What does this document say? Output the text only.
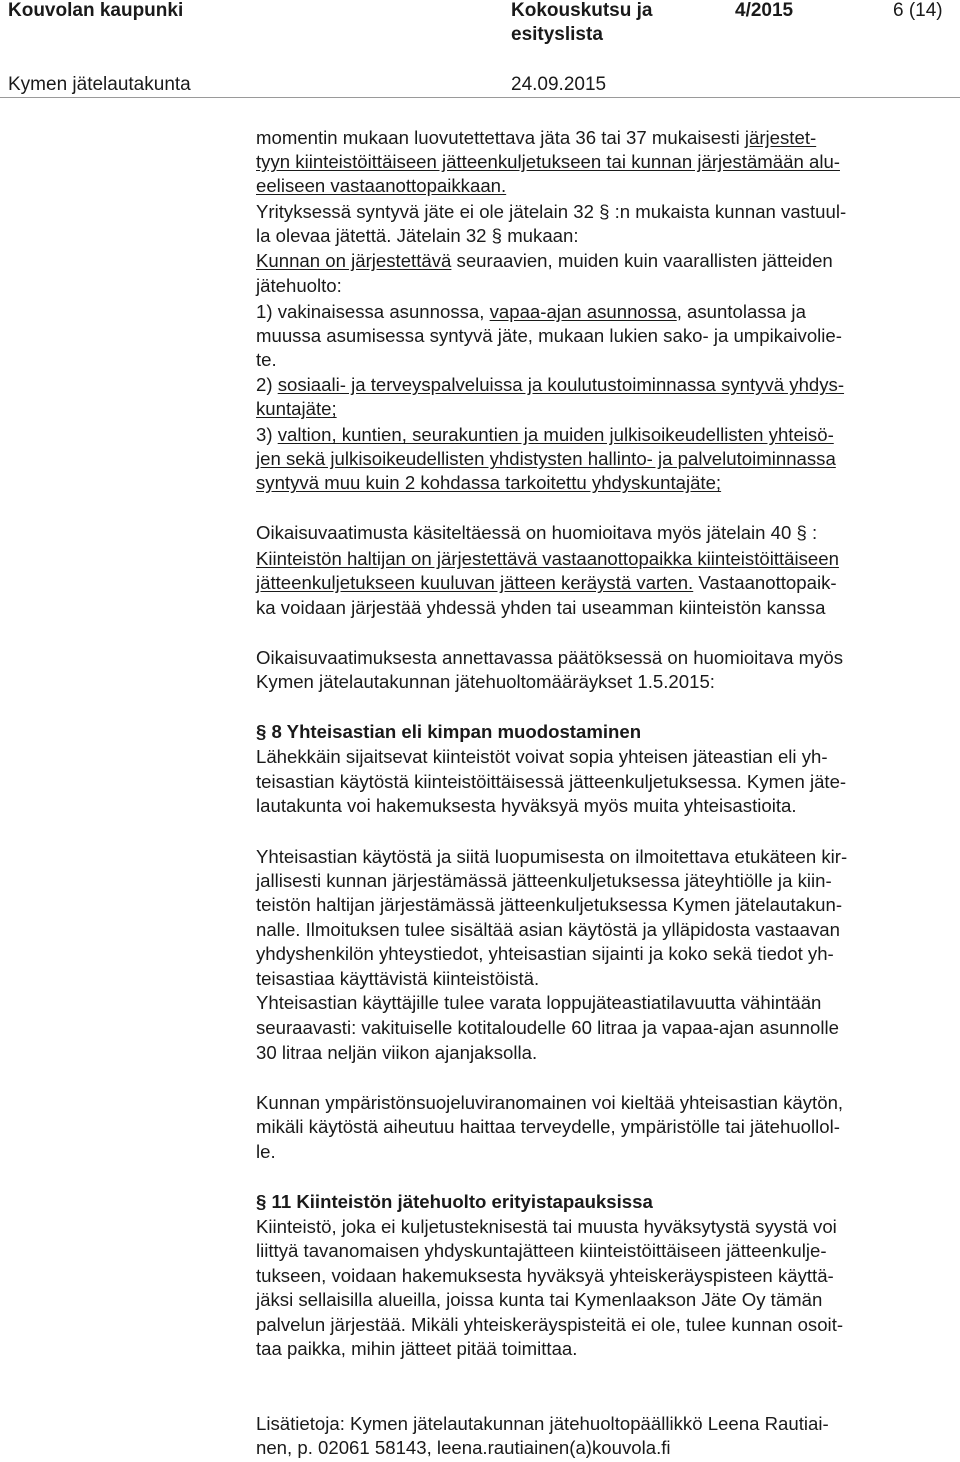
Kouvolan kaupunki	Kokouskutsu ja
esityslista
4/2015	6 (14)
Kymen jätelautakunta	24.09.2015
momentin mukaan luovutettettava jäta 36 tai 37 mukaisesti järjestet-
tyyn kiinteistöittäiseen jätteenkuljetukseen tai kunnan järjestämään alu-
eeliseen vastaanottopaikkaan.
Yrityksessä syntyvä jäte ei ole jätelain 32 § :n mukaista kunnan vastuul-
la olevaa jätettä. Jätelain 32 § mukaan:
Kunnan on järjestettävä seuraavien, muiden kuin vaarallisten jätteiden
jätehuolto:
1) vakinaisessa asunnossa, vapaa-ajan asunnossa, asuntolassa ja
muussa asumisessa syntyvä jäte, mukaan lukien sako- ja umpikaivolie-
te.
2) sosiaali- ja terveyspalveluissa ja koulutustoiminnassa syntyvä yhdys-
kuntajäte;
3) valtion, kuntien, seurakuntien ja muiden julkisoikeudellisten yhteisö-
jen sekä julkisoikeudellisten yhdistysten hallinto- ja palvelutoiminnassa
syntyvä muu kuin 2 kohdassa tarkoitettu yhdyskuntajäte;
Oikaisuvaatimusta käsiteltäessä on huomioitava myös jätelain 40 § :
Kiinteistön haltijan on järjestettävä vastaanottopaikka kiinteistöittäiseen
jätteenkuljetukseen kuuluvan jätteen keräystä varten. Vastaanottopaik-
ka voidaan järjestää yhdessä yhden tai useamman kiinteistön kanssa
Oikaisuvaatimuksesta annettavassa päätöksessä on huomioitava myös
Kymen jätelautakunnan jätehuoltomääräykset 1.5.2015:
§ 8 Yhteisastian eli kimpan muodostaminen
Lähekkäin sijaitsevat kiinteistöt voivat sopia yhteisen jäteastian eli yh-
teisastian käytöstä kiinteistöittäisessä jätteenkuljetuksessa. Kymen jäte-
lautakunta voi hakemuksesta hyväksyä myös muita yhteisastioita.
Yhteisastian käytöstä ja siitä luopumisesta on ilmoitettava etukäteen kir-
jallisesti kunnan järjestämässä jätteenkuljetuksessa jäteyhtiölle ja kiin-
teistön haltijan järjestämässä jätteenkuljetuksessa Kymen jätelautakun-
nalle. Ilmoituksen tulee sisältää asian käytöstä ja ylläpidosta vastaavan
yhdyshenkilön yhteystiedot, yhteisastian sijainti ja koko sekä tiedot yh-
teisastiaa käyttävistä kiinteistöistä.
Yhteisastian käyttäjille tulee varata loppujäteastiatilavuutta vähintään
seuraavasti: vakituiselle kotitaloudelle 60 litraa ja vapaa-ajan asunnolle
30 litraa neljän viikon ajanjaksolla.
Kunnan ympäristönsuojeluviranomainen voi kieltää yhteisastian käytön,
mikäli käytöstä aiheutuu haittaa terveydelle, ympäristölle tai jätehuollol-
le.
§ 11 Kiinteistön jätehuolto erityistapauksissa
Kiinteistö, joka ei kuljetusteknisestä tai muusta hyväksytystä syystä voi
liittyä tavanomaisen yhdyskuntajätteen kiinteistöittäiseen jätteenkulje-
tukseen, voidaan hakemuksesta hyväksyä yhteiskeräyspisteen käyttä-
jäksi sellaisilla alueilla, joissa kunta tai Kymenlaakson Jäte Oy tämän
palvelun järjestää. Mikäli yhteiskeräyspisteitä ei ole, tulee kunnan osoit-
taa paikka, mihin jätteet pitää toimittaa.
Lisätietoja: Kymen jätelautakunnan jätehuoltopäällikkö Leena Rautiai-
nen, p. 02061 58143, leena.rautiainen(a)kouvola.fi
